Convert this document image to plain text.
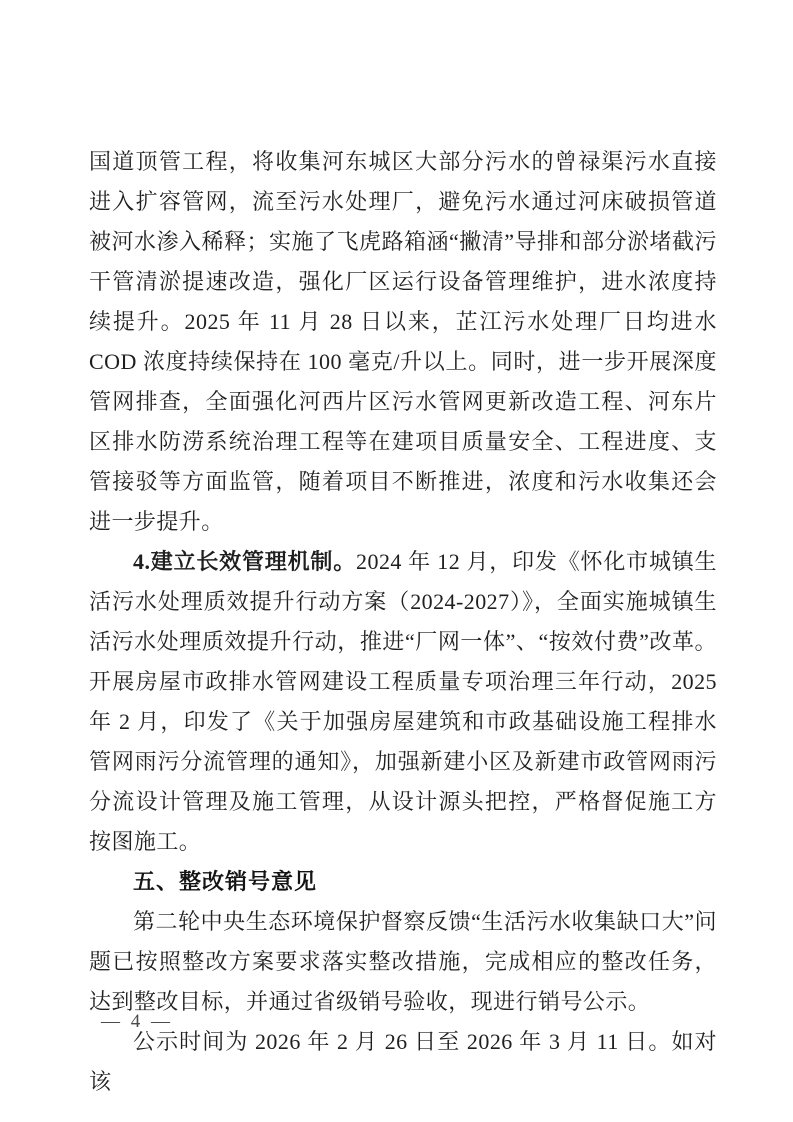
国道顶管工程，将收集河东城区大部分污水的曾禄渠污水直接进入扩容管网，流至污水处理厂，避免污水通过河床破损管道被河水渗入稀释；实施了飞虎路箱涵“撇清”导排和部分淤堵截污干管清淤提速改造，强化厂区运行设备管理维护，进水浓度持续提升。2025 年 11 月 28 日以来，芷江污水处理厂日均进水 COD 浓度持续保持在 100 毫克/升以上。同时，进一步开展深度管网排查，全面强化河西片区污水管网更新改造工程、河东片区排水防涝系统治理工程等在建项目质量安全、工程进度、支管接驳等方面监管，随着项目不断推进，浓度和污水收集还会进一步提升。

4.建立长效管理机制。2024 年 12 月，印发《怀化市城镇生活污水处理质效提升行动方案（2024-2027）》，全面实施城镇生活污水处理质效提升行动，推进“厂网一体”、“按效付费”改革。开展房屋市政排水管网建设工程质量专项治理三年行动，2025 年 2 月，印发了《关于加强房屋建筑和市政基础设施工程排水管网雨污分流管理的通知》，加强新建小区及新建市政管网雨污分流设计管理及施工管理，从设计源头把控，严格督促施工方按图施工。

五、整改销号意见

第二轮中央生态环境保护督察反馈“生活污水收集缺口大”问题已按照整改方案要求落实整改措施，完成相应的整改任务，达到整改目标，并通过省级销号验收，现进行销号公示。

公示时间为 2026 年 2 月 26 日至 2026 年 3 月 11 日。如对该

— 4 —
